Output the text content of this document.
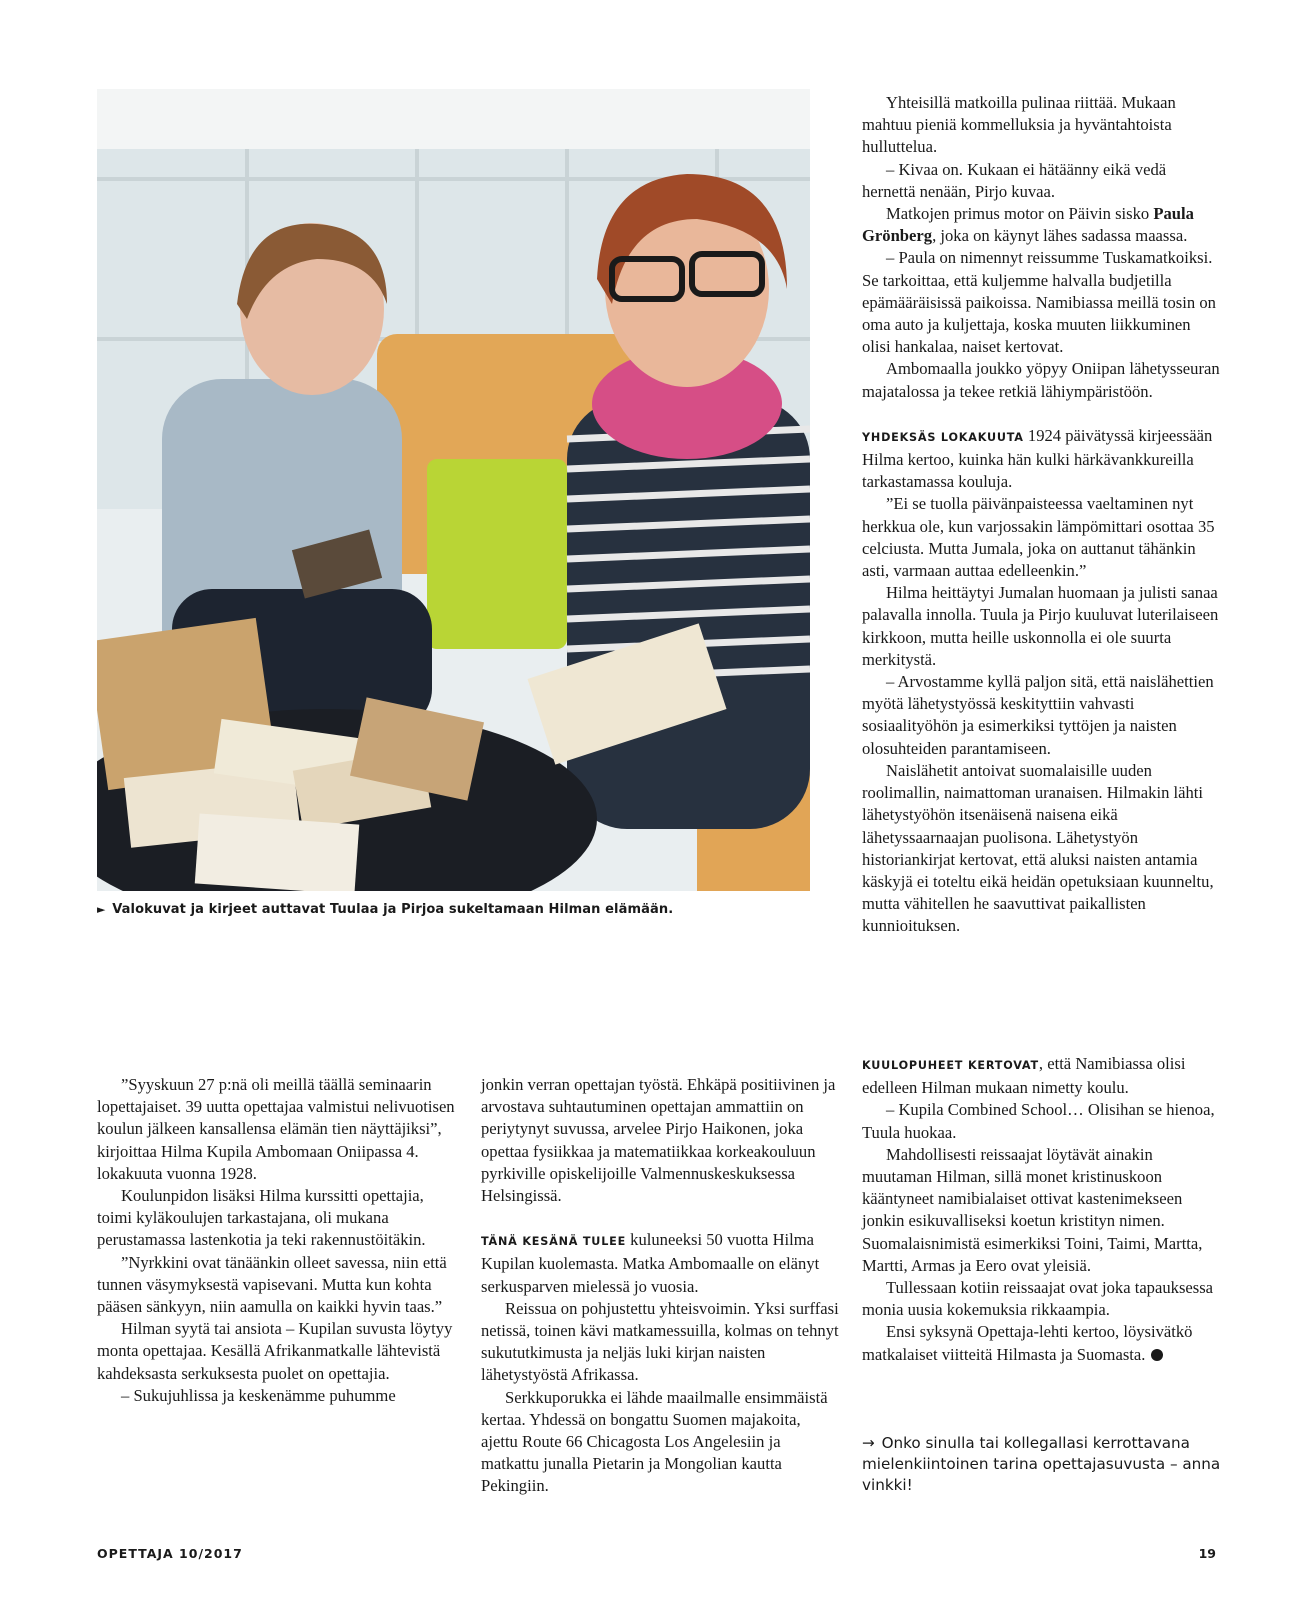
► Valokuvat ja kirjeet auttavat Tuulaa ja Pirjoa sukeltamaan Hilman elämään.

Yhteisillä matkoilla pulinaa riittää. Mukaan mahtuu pieniä kommelluksia ja hyväntahtoista hulluttelua.

– Kivaa on. Kukaan ei hätäänny eikä vedä hernettä nenään, Pirjo kuvaa.

Matkojen primus motor on Päivin sisko Paula Grönberg, joka on käynyt lähes sadassa maassa.

– Paula on nimennyt reissumme Tuskamatkoiksi. Se tarkoittaa, että kuljemme halvalla budjetilla epämääräisissä paikoissa. Namibiassa meillä tosin on oma auto ja kuljettaja, koska muuten liikkuminen olisi hankalaa, naiset kertovat.

Ambomaalla joukko yöpyy Oniipan lähetysseuran majatalossa ja tekee retkiä lähiympäristöön.

YHDEKSÄS LOKAKUUTA 1924 päivätyssä kirjeessään Hilma kertoo, kuinka hän kulki härkävankkureilla tarkastamassa kouluja.

”Ei se tuolla päivänpaisteessa vaeltaminen nyt herkkua ole, kun varjossakin lämpömittari osottaa 35 celciusta. Mutta Jumala, joka on auttanut tähänkin asti, varmaan auttaa edelleenkin.”

Hilma heittäytyi Jumalan huomaan ja julisti sanaa palavalla innolla. Tuula ja Pirjo kuuluvat luterilaiseen kirkkoon, mutta heille uskonnolla ei ole suurta merkitystä.

– Arvostamme kyllä paljon sitä, että naislähettien myötä lähetystyössä keskityttiin vahvasti sosiaalityöhön ja esimerkiksi tyttöjen ja naisten olosuhteiden parantamiseen.

Naislähetit antoivat suomalaisille uuden roolimallin, naimattoman uranaisen. Hilmakin lähti lähetystyöhön itsenäisenä naisena eikä lähetyssaarnaajan puolisona. Lähetystyön historiankirjat kertovat, että aluksi naisten antamia käskyjä ei toteltu eikä heidän opetuksiaan kuunneltu, mutta vähitellen he saavuttivat paikallisten kunnioituksen.

KUULOPUHEET KERTOVAT, että Namibiassa olisi edelleen Hilman mukaan nimetty koulu.

– Kupila Combined School… Olisihan se hienoa, Tuula huokaa.

Mahdollisesti reissaajat löytävät ainakin muutaman Hilman, sillä monet kristinuskoon kääntyneet namibialaiset ottivat kastenimekseen jonkin esikuvalliseksi koetun kristityn nimen. Suomalaisnimistä esimerkiksi Toini, Taimi, Martta, Martti, Armas ja Eero ovat yleisiä.

Tullessaan kotiin reissaajat ovat joka tapauksessa monia uusia kokemuksia rikkaampia.

Ensi syksynä Opettaja-lehti kertoo, löysivätkö matkalaiset viitteitä Hilmasta ja Suomasta.

”Syyskuun 27 p:nä oli meillä täällä seminaarin lopettajaiset. 39 uutta opettajaa valmistui nelivuotisen koulun jälkeen kansallensa elämän tien näyttäjiksi”, kirjoittaa Hilma Kupila Ambomaan Oniipassa 4. lokakuuta vuonna 1928.

Koulunpidon lisäksi Hilma kurssitti opettajia, toimi kyläkoulujen tarkastajana, oli mukana perustamassa lastenkotia ja teki rakennustöitäkin.

”Nyrkkini ovat tänäänkin olleet savessa, niin että tunnen väsymyksestä vapisevani. Mutta kun kohta pääsen sänkyyn, niin aamulla on kaikki hyvin taas.”

Hilman syytä tai ansiota – Kupilan suvusta löytyy monta opettajaa. Kesällä Afrikanmatkalle lähtevistä kahdeksasta serkuksesta puolet on opettajia.

– Sukujuhlissa ja keskenämme puhumme

jonkin verran opettajan työstä. Ehkäpä positiivinen ja arvostava suhtautuminen opettajan ammattiin on periytynyt suvussa, arvelee Pirjo Haikonen, joka opettaa fysiikkaa ja matematiikkaa korkeakouluun pyrkiville opiskelijoille Valmennuskeskuksessa Helsingissä.

TÄNÄ KESÄNÄ TULEE kuluneeksi 50 vuotta Hilma Kupilan kuolemasta. Matka Ambomaalle on elänyt serkusparven mielessä jo vuosia.

Reissua on pohjustettu yhteisvoimin. Yksi surffasi netissä, toinen kävi matkamessuilla, kolmas on tehnyt sukututkimusta ja neljäs luki kirjan naisten lähetystyöstä Afrikassa.

Serkkuporukka ei lähde maailmalle ensimmäistä kertaa. Yhdessä on bongattu Suomen majakoita, ajettu Route 66 Chicagosta Los Angelesiin ja matkattu junalla Pietarin ja Mongolian kautta Pekingiin.

→ Onko sinulla tai kollegallasi kerrottavana mielenkiintoinen tarina opettajasuvusta – anna vinkki!
OPETTAJA 10/2017	19
